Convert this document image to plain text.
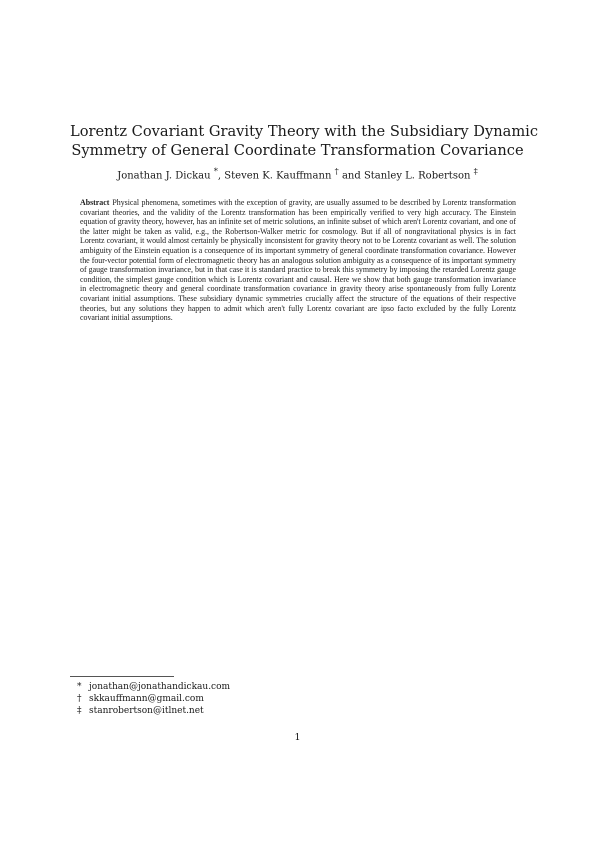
Lorentz Covariant Gravity Theory with the Subsidiary Dynamic
Symmetry of General Coordinate Transformation Covariance
Jonathan J. Dickau *, Steven K. Kauffmann † and Stanley L. Robertson ‡
Abstract Physical phenomena, sometimes with the exception of gravity, are usually assumed to be described by Lorentz transformation covariant theories, and the validity of the Lorentz transformation has been empirically verified to very high accuracy. The Einstein equation of gravity theory, however, has an infinite set of metric solutions, an infinite subset of which aren't Lorentz covariant, and one of the latter might be taken as valid, e.g., the Robertson-Walker metric for cosmology. But if all of nongravitational physics is in fact Lorentz covariant, it would almost certainly be physically inconsistent for gravity theory not to be Lorentz covariant as well. The solution ambiguity of the Einstein equation is a consequence of its important symmetry of general coordinate transformation covariance. However the four-vector potential form of electromagnetic theory has an analogous solution ambiguity as a consequence of its important symmetry of gauge transformation invariance, but in that case it is standard practice to break this symmetry by imposing the retarded Lorentz gauge condition, the simplest gauge condition which is Lorentz covariant and causal. Here we show that both gauge transformation invariance in electromagnetic theory and general coordinate transformation covariance in gravity theory arise spontaneously from fully Lorentz covariant initial assumptions. These subsidiary dynamic symmetries crucially affect the structure of the equations of their respective theories, but any solutions they happen to admit which aren't fully Lorentz covariant are ipso facto excluded by the fully Lorentz covariant initial assumptions.
* jonathan@jonathandickau.com
† skkauffmann@gmail.com
‡ stanrobertson@itlnet.net
1
